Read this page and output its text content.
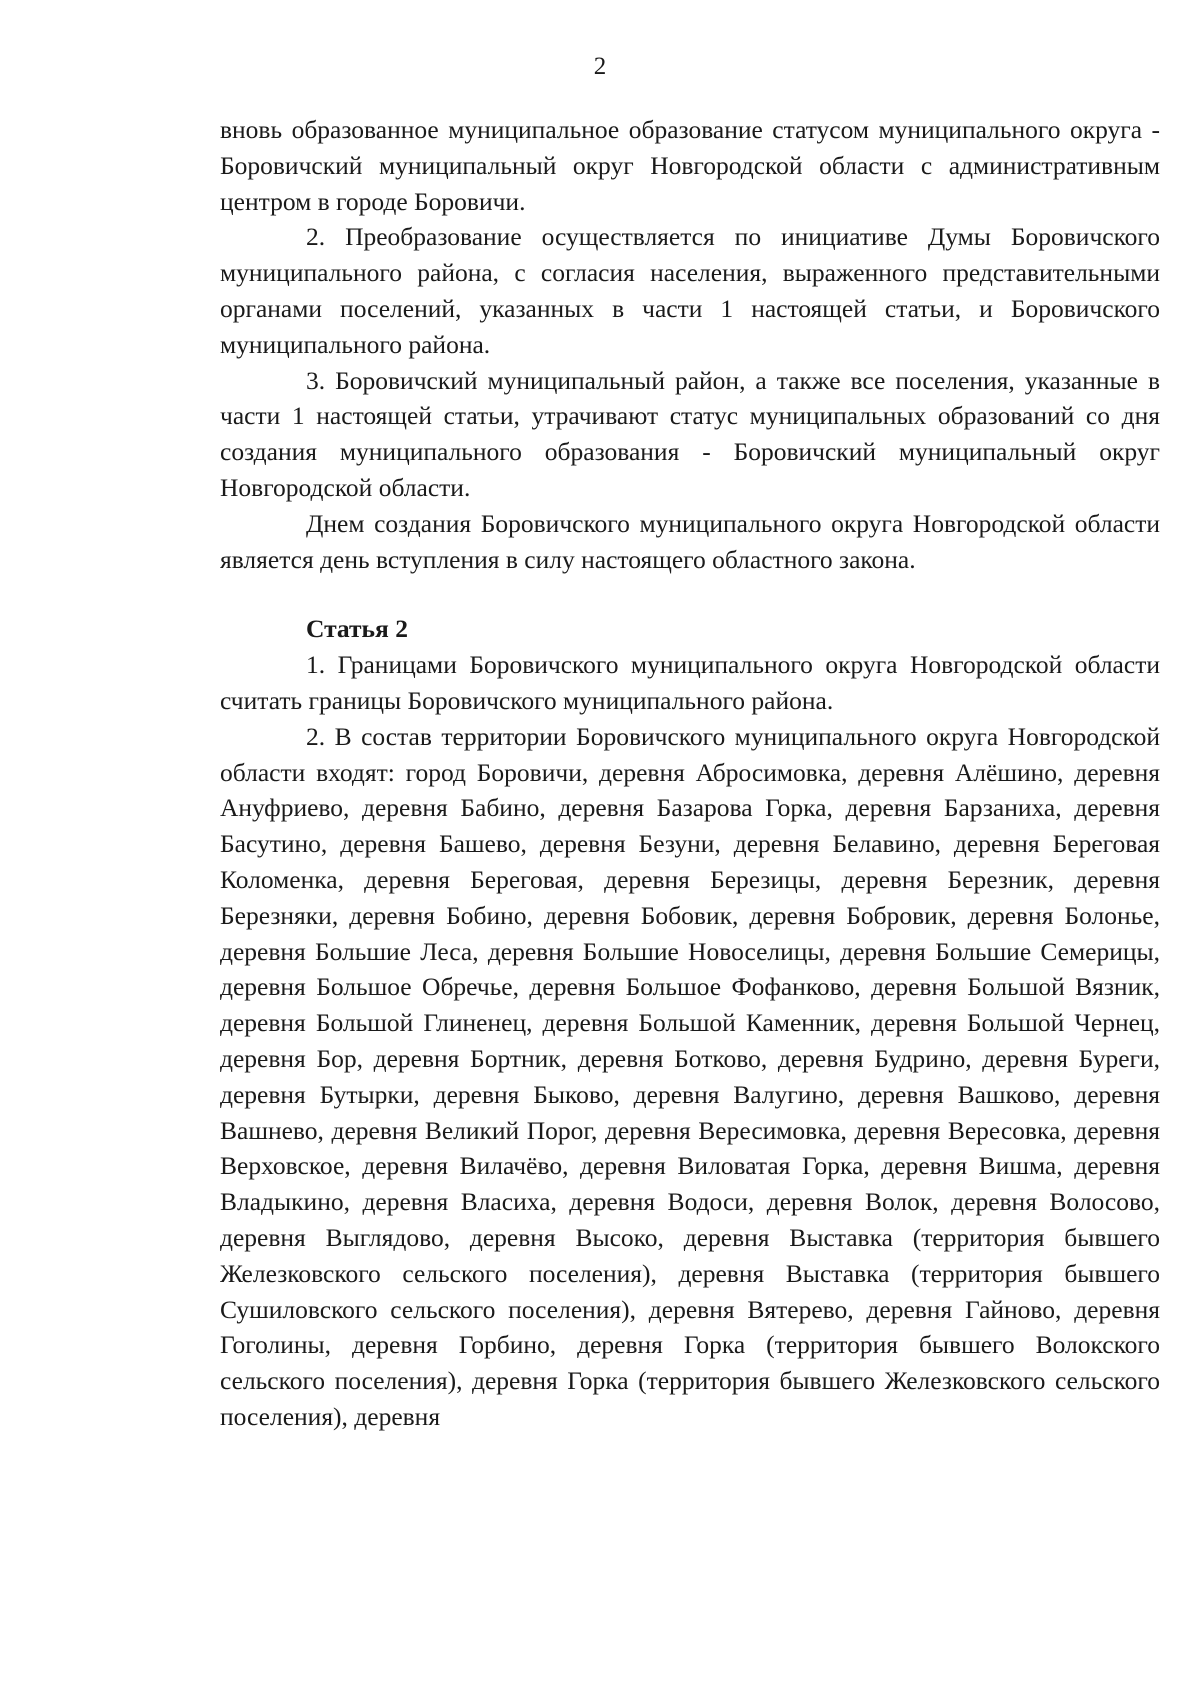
2

вновь образованное муниципальное образование статусом муниципального округа - Боровичский муниципальный округ Новгородской области с административным центром в городе Боровичи.

2. Преобразование осуществляется по инициативе Думы Боровичского муниципального района, с согласия населения, выраженного представительными органами поселений, указанных в части 1 настоящей статьи, и Боровичского муниципального района.

3. Боровичский муниципальный район, а также все поселения, указанные в части 1 настоящей статьи, утрачивают статус муниципальных образований со дня создания муниципального образования - Боровичский муниципальный округ Новгородской области.

Днем создания Боровичского муниципального округа Новгородской области является день вступления в силу настоящего областного закона.

Статья 2

1. Границами Боровичского муниципального округа Новгородской области считать границы Боровичского муниципального района.

2. В состав территории Боровичского муниципального округа Новгородской области входят: город Боровичи, деревня Абросимовка, деревня Алёшино, деревня Ануфриево, деревня Бабино, деревня Базарова Горка, деревня Барзаниха, деревня Басутино, деревня Башево, деревня Безуни, деревня Белавино, деревня Береговая Коломенка, деревня Береговая, деревня Березицы, деревня Березник, деревня Березняки, деревня Бобино, деревня Бобовик, деревня Бобровик, деревня Болонье, деревня Большие Леса, деревня Большие Новоселицы, деревня Большие Семерицы, деревня Большое Обречье, деревня Большое Фофанково, деревня Большой Вязник, деревня Большой Глиненец, деревня Большой Каменник, деревня Большой Чернец, деревня Бор, деревня Бортник, деревня Ботково, деревня Будрино, деревня Буреги, деревня Бутырки, деревня Быково, деревня Валугино, деревня Вашково, деревня Вашнево, деревня Великий Порог, деревня Вересимовка, деревня Вересовка, деревня Верховское, деревня Вилачёво, деревня Виловатая Горка, деревня Вишма, деревня Владыкино, деревня Власиха, деревня Водоси, деревня Волок, деревня Волосово, деревня Выглядово, деревня Высоко, деревня Выставка (территория бывшего Железковского сельского поселения), деревня Выставка (территория бывшего Сушиловского сельского поселения), деревня Вятерево, деревня Гайново, деревня Гоголины, деревня Горбино, деревня Горка (территория бывшего Волокского сельского поселения), деревня Горка (территория бывшего Железковского сельского поселения), деревня
